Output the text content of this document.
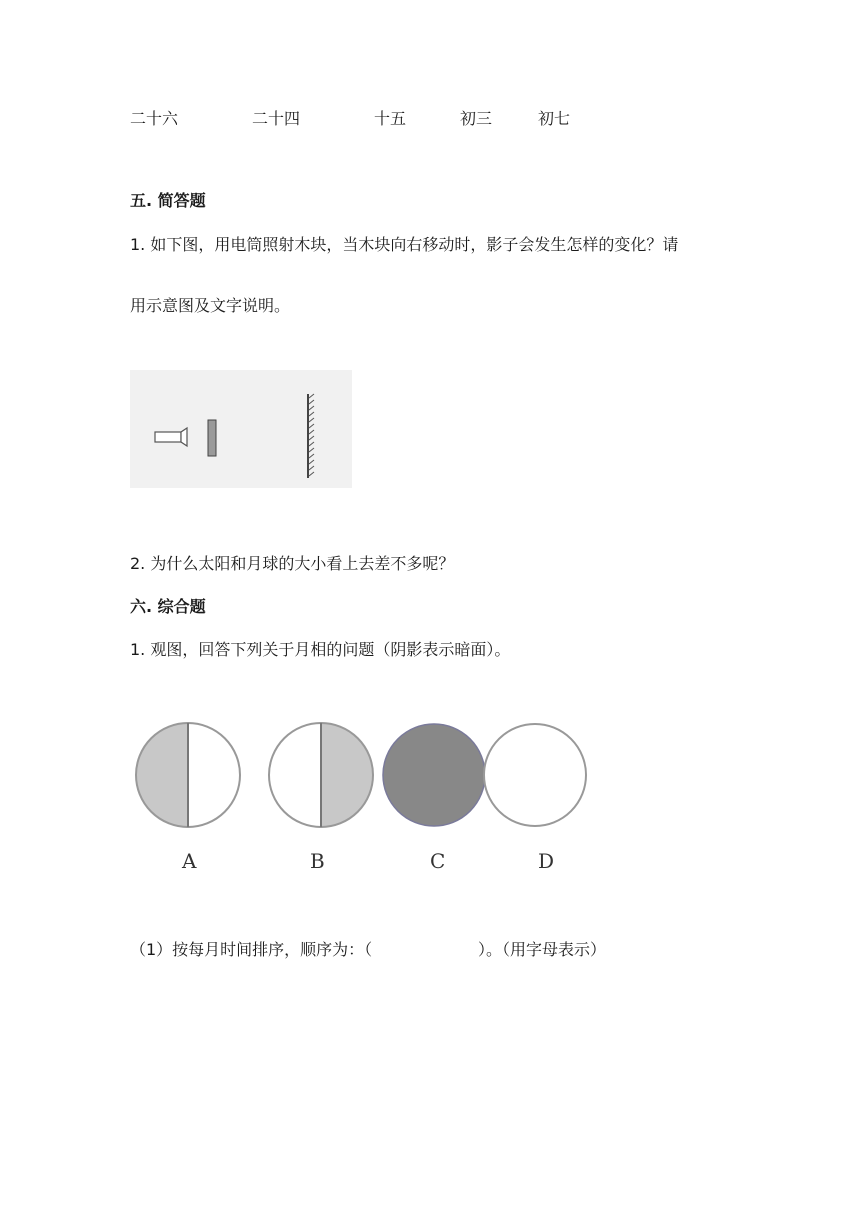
二十六	二十四	十五	初三	初七
五. 简答题
1. 如下图，用电筒照射木块，当木块向右移动时，影子会发生怎样的变化？请
用示意图及文字说明。
2. 为什么太阳和月球的大小看上去差不多呢？
六. 综合题
1. 观图，回答下列关于月相的问题（阴影表示暗面）。
A	B	C	D
（1）按每月时间排序，顺序为：（	）。（用字母表示）
